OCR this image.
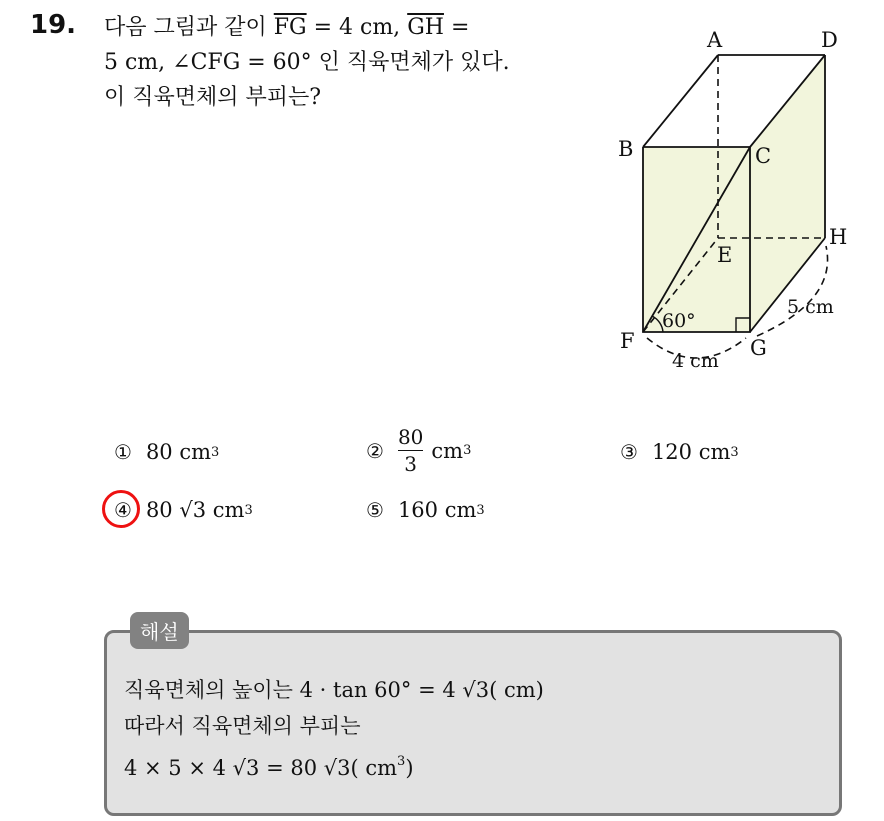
19. 다음 그림과 같이 $\overline{FG} = 4$ cm, $\overline{GH}$ =
5 cm, ∠CFG = 60° 인 직육면체가 있다.
이 직육면체의 부피는?
A	D
B	C
E
H
F	G
60°
4 cm
5 cm
① 80 cm 3	② $\frac{80}{3}$ cm 3	③ 120 cm 3
④ 80 √3 cm 3	⑤ 160 cm 3
해설
직육면체의 높이는 4 · tan 60° = 4 √3( cm)
따라서 직육면체의 부피는
4 × 5 × 4 √3 = 80 √3( $cm^3$)
